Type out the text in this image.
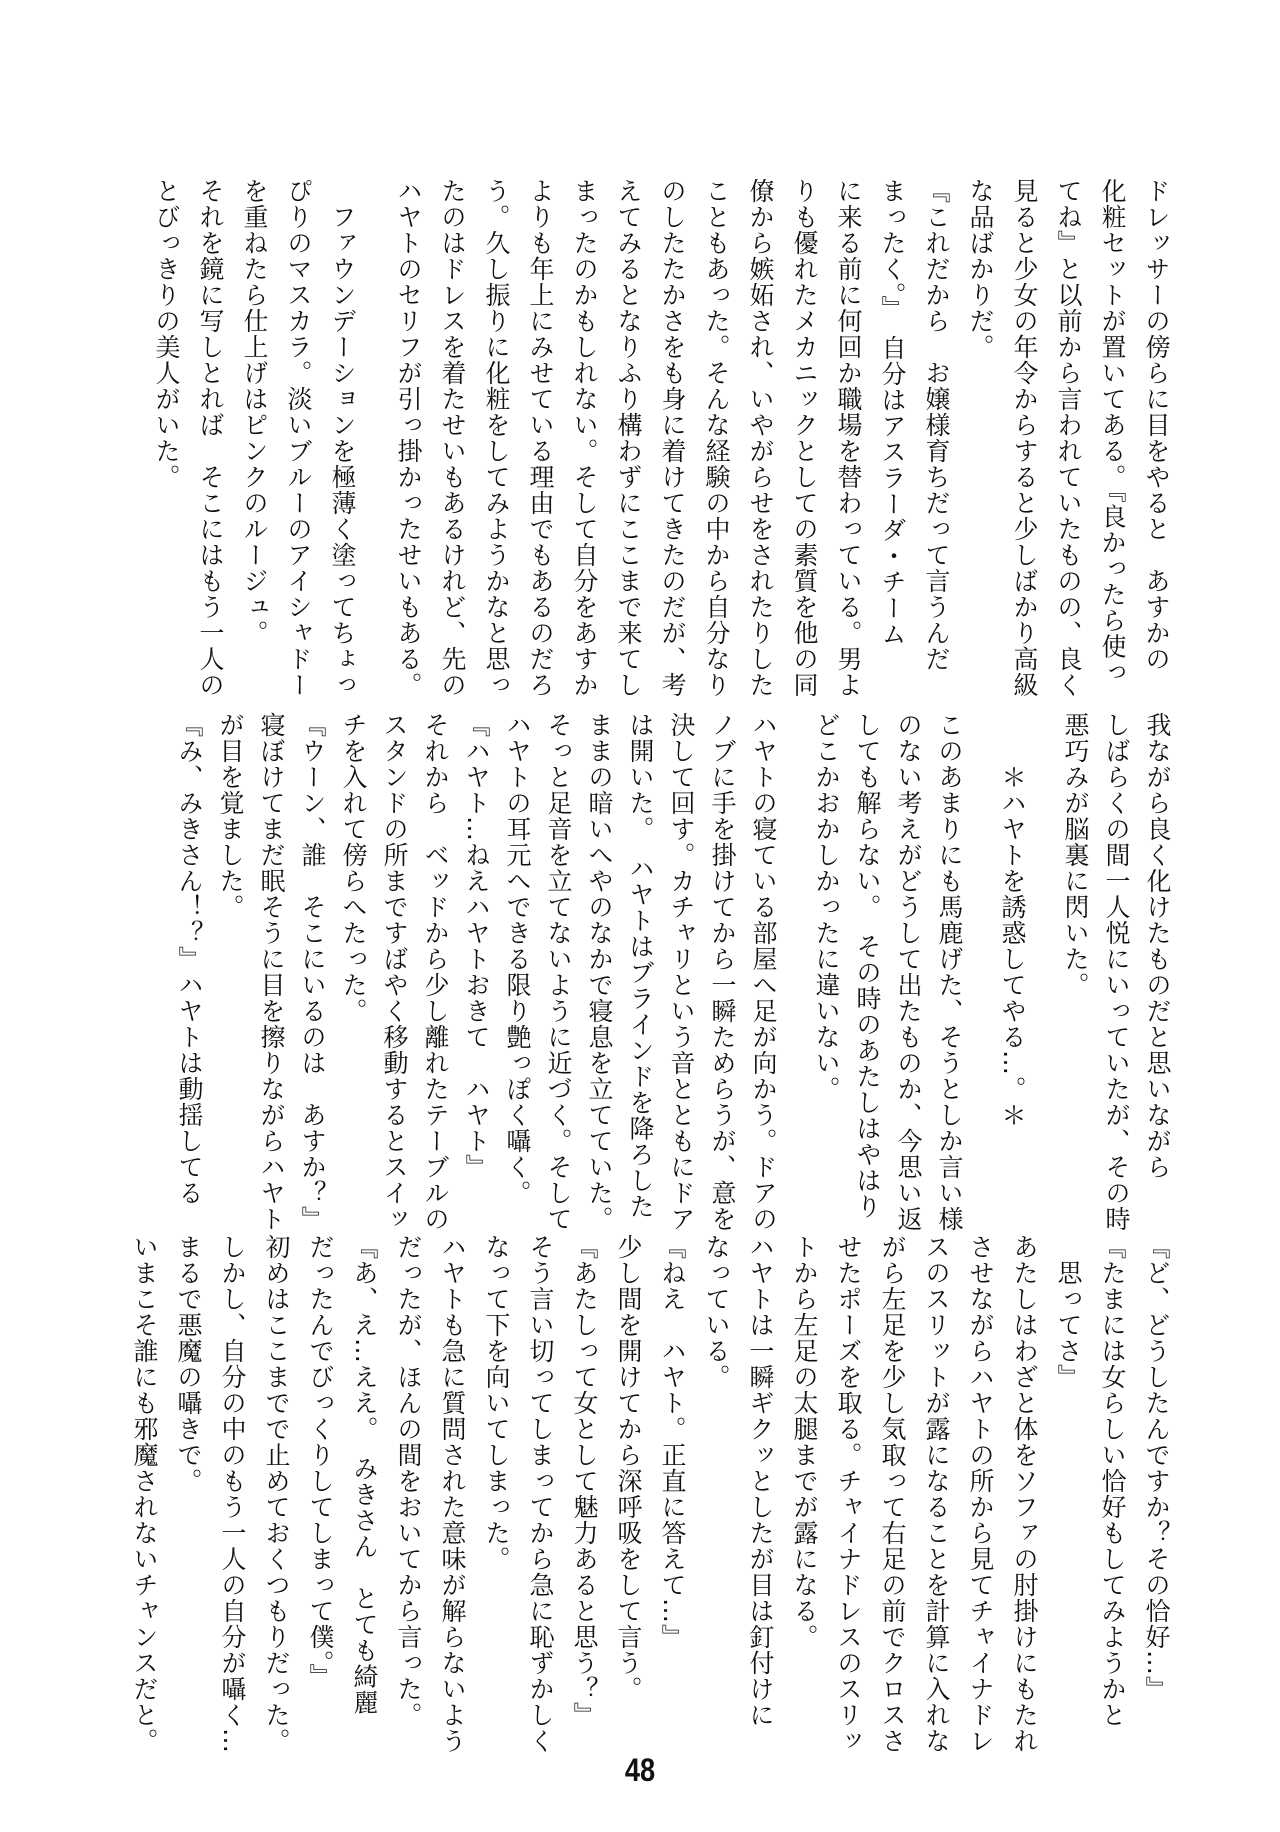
ドレッサーの傍らに目をやると　あすかの

化粧セットが置いてある。『良かったら使っ

てね』と以前から言われていたものの、良く

見ると少女の年令からすると少しばかり高級

な品ばかりだ。

『これだから　お嬢様育ちだって言うんだ

まったく。』　自分はアスラーダ・チーム

に来る前に何回か職場を替わっている。男よ

りも優れたメカニックとしての素質を他の同

僚から嫉妬され、いやがらせをされたりした

こともあった。そんな経験の中から自分なり

のしたたかさをも身に着けてきたのだが、考

えてみるとなりふり構わずにここまで来てし

まったのかもしれない。そして自分をあすか

よりも年上にみせている理由でもあるのだろ

う。久し振りに化粧をしてみようかなと思っ

たのはドレスを着たせいもあるけれど、先の

ハヤトのセリフが引っ掛かったせいもある。

　ファウンデーションを極薄く塗ってちょっ

ぴりのマスカラ。淡いブルーのアイシャドー

を重ねたら仕上げはピンクのルージュ。

それを鏡に写しとれば　そこにはもう一人の

とびっきりの美人がいた。

我ながら良く化けたものだと思いながら

しばらくの間一人悦にいっていたが、その時

悪巧みが脳裏に閃いた。

　　＊ハヤトを誘惑してやる…。＊

このあまりにも馬鹿げた、そうとしか言い様

のない考えがどうして出たものか、今思い返

しても解らない。　その時のあたしはやはり

どこかおかしかったに違いない。

ハヤトの寝ている部屋へ足が向かう。ドアの

ノブに手を掛けてから一瞬ためらうが、意を

決して回す。カチャリという音とともにドア

は開いた。　ハヤトはブラインドを降ろした

ままの暗いへやのなかで寝息を立てていた。

そっと足音を立てないように近づく。そして

ハヤトの耳元へできる限り艶っぽく囁く。

『ハヤト…ねえハヤトおきて　ハヤト』

それから　ベッドから少し離れたテーブルの

スタンドの所まですばやく移動するとスイッ

チを入れて傍らへたった。

『ウーン、誰　そこにいるのは　あすか？』

寝ぼけてまだ眠そうに目を擦りながらハヤト

が目を覚ました。

『み、みきさん！？』ハヤトは動揺してる

『ど、どうしたんですか？その恰好…』

『たまには女らしい恰好もしてみようかと

　思ってさ』

あたしはわざと体をソファの肘掛けにもたれ

させながらハヤトの所から見てチャイナドレ

スのスリットが露になることを計算に入れな

がら左足を少し気取って右足の前でクロスさ

せたポーズを取る。チャイナドレスのスリッ

トから左足の太腿までが露になる。

ハヤトは一瞬ギクッとしたが目は釘付けに

なっている。

『ねえ　ハヤト。正直に答えて…』

少し間を開けてから深呼吸をして言う。

『あたしって女として魅力あると思う？』

そう言い切ってしまってから急に恥ずかしく

なって下を向いてしまった。

ハヤトも急に質問された意味が解らないよう

だったが、ほんの間をおいてから言った。

『あ、え…ええ。　みきさん　とても綺麗

だったんでびっくりしてしまって僕。』

初めはここまでで止めておくつもりだった。

しかし、自分の中のもう一人の自分が囁く…

まるで悪魔の囁きで。

いまこそ誰にも邪魔されないチャンスだと。

48
